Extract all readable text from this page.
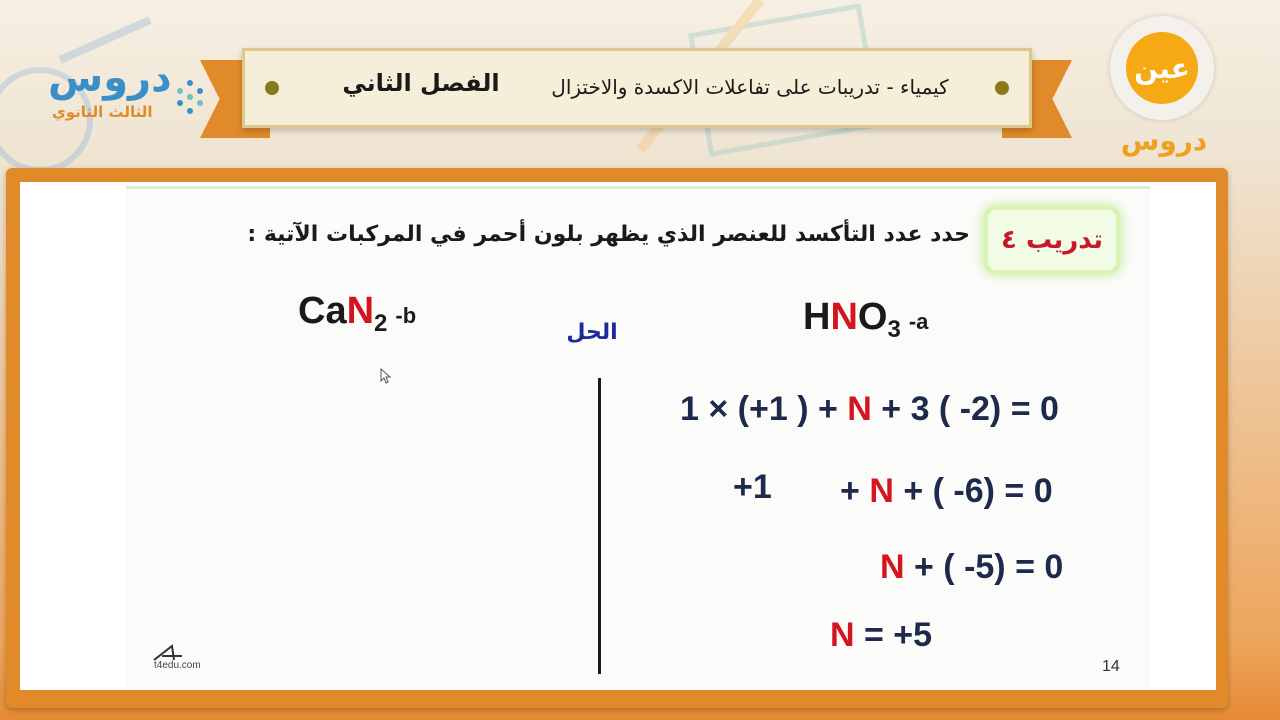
دروس
الثالث الثانوي
عين
دروس
الفصل الثاني	كيمياء - تدريبات على تفاعلات الاكسدة والاختزال
تدريب ٤
حدد عدد التأكسد للعنصر الذي يظهر بلون أحمر في المركبات الآتية :
HNO3 -a
CaN2 -b
الحل
1 × (+1 ) + N + 3 ( -2) = 0
+1 + N + ( -6) = 0
N + ( -5) = 0
N = +5
t4edu.com	14
